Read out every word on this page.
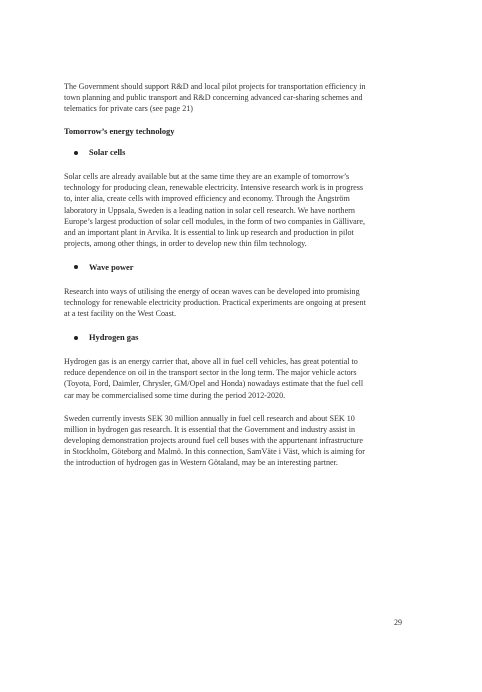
The Government should support R&D and local pilot projects for transportation efficiency in
town planning and public transport and R&D concerning advanced car-sharing schemes and
telematics for private cars (see page 21)

Tomorrow’s energy technology
Solar cells

Solar cells are already available but at the same time they are an example of tomorrow’s
technology for producing clean, renewable electricity. Intensive research work is in progress
to, inter alia, create cells with improved efficiency and economy. Through the Ångström
laboratory in Uppsala, Sweden is a leading nation in solar cell research. We have northern
Europe’s largest production of solar cell modules, in the form of two companies in Gällivare,
and an important plant in Arvika. It is essential to link up research and production in pilot
projects, among other things, in order to develop new thin film technology.

Wave power

Research into ways of utilising the energy of ocean waves can be developed into promising
technology for renewable electricity production. Practical experiments are ongoing at present
at a test facility on the West Coast.

Hydrogen gas

Hydrogen gas is an energy carrier that, above all in fuel cell vehicles, has great potential to
reduce dependence on oil in the transport sector in the long term. The major vehicle actors
(Toyota, Ford, Daimler, Chrysler, GM/Opel and Honda) nowadays estimate that the fuel cell
car may be commercialised some time during the period 2012-2020.

Sweden currently invests SEK 30 million annually in fuel cell research and about SEK 10
million in hydrogen gas research. It is essential that the Government and industry assist in
developing demonstration projects around fuel cell buses with the appurtenant infrastructure
in Stockholm, Göteborg and Malmö. In this connection, SamVäte i Väst, which is aiming for
the introduction of hydrogen gas in Western Götaland, may be an interesting partner.

29
